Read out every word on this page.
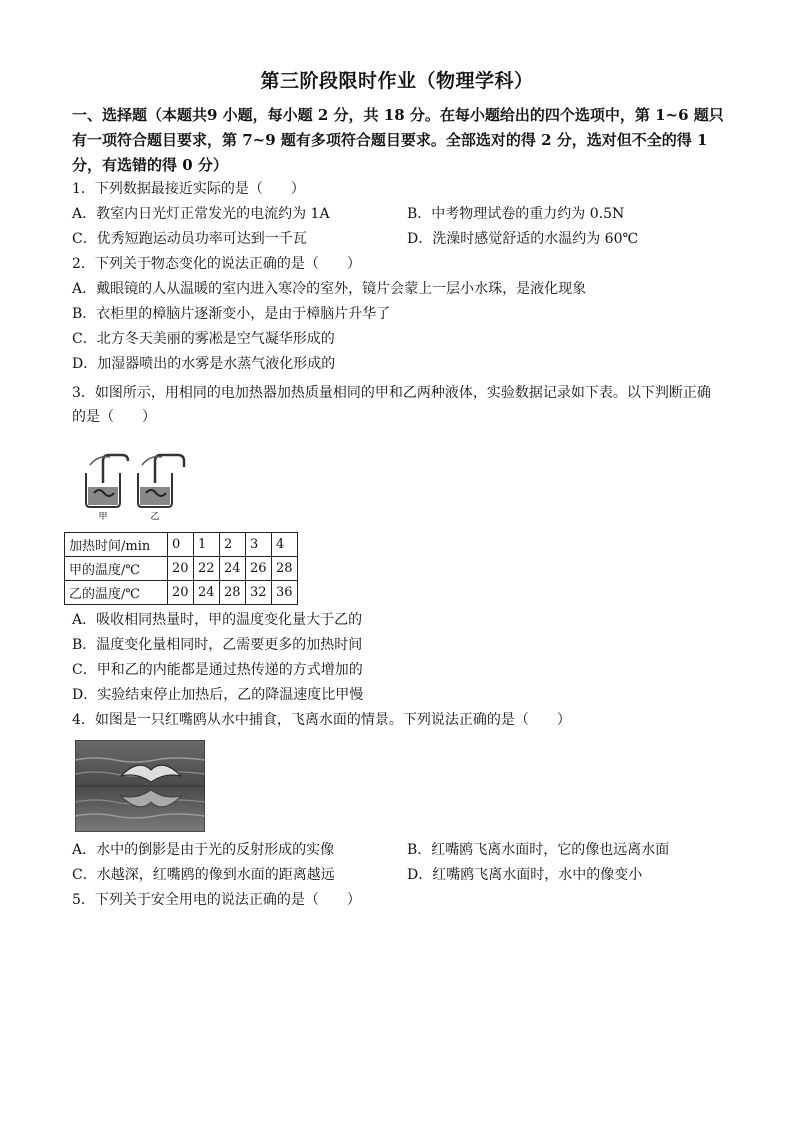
第三阶段限时作业（物理学科）
一、选择题（本题共9 小题，每小题 2 分，共 18 分。在每小题给出的四个选项中，第 1~6 题只有一项符合题目要求，第 7~9 题有多项符合题目要求。全部选对的得 2 分，选对但不全的得 1 分，有选错的得 0 分）
1．下列数据最接近实际的是（　　）
A．教室内日光灯正常发光的电流约为 1A	B．中考物理试卷的重力约为 0.5N
C．优秀短跑运动员功率可达到一千瓦	D．洗澡时感觉舒适的水温约为 60℃
2．下列关于物态变化的说法正确的是（　　）
A．戴眼镜的人从温暖的室内进入寒冷的室外，镜片会蒙上一层小水珠，是液化现象
B．衣柜里的樟脑片逐渐变小，是由于樟脑片升华了
C．北方冬天美丽的雾凇是空气凝华形成的
D．加湿器喷出的水雾是水蒸气液化形成的
3．如图所示，用相同的电加热器加热质量相同的甲和乙两种液体，实验数据记录如下表。以下判断正确的是（　　）
甲	乙
加热时间/min	0	1	2	3	4
甲的温度/℃	20	22	24	26	28
乙的温度/℃	20	24	28	32	36
A．吸收相同热量时，甲的温度变化量大于乙的
B．温度变化量相同时，乙需要更多的加热时间
C．甲和乙的内能都是通过热传递的方式增加的
D．实验结束停止加热后，乙的降温速度比甲慢
4．如图是一只红嘴鸥从水中捕食，飞离水面的情景。下列说法正确的是（　　）
A．水中的倒影是由于光的反射形成的实像	B．红嘴鸥飞离水面时，它的像也远离水面
C．水越深，红嘴鸥的像到水面的距离越远	D．红嘴鸥飞离水面时，水中的像变小
5．下列关于安全用电的说法正确的是（　　）
